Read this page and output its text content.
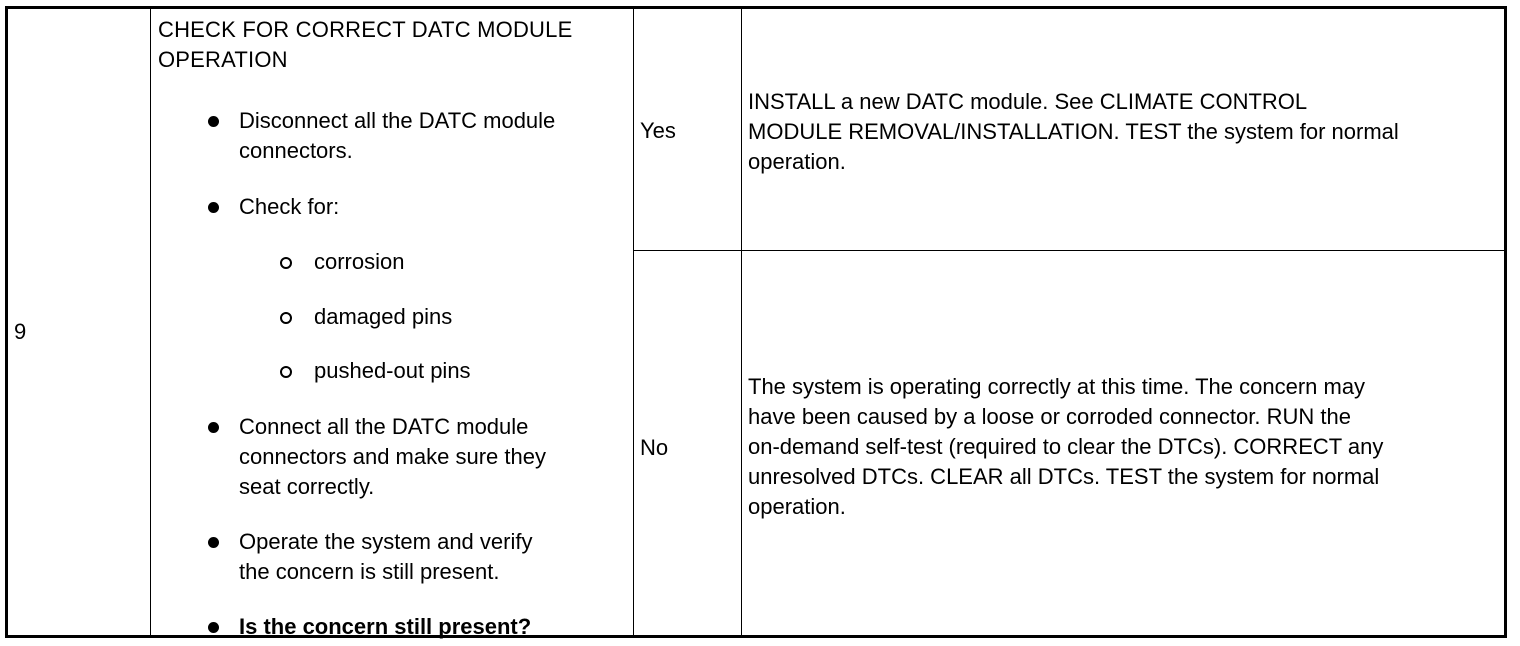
9

CHECK FOR CORRECT DATC MODULE
OPERATION

Disconnect all the DATC module
connectors.
Check for:
corrosion
damaged pins
pushed-out pins
Connect all the DATC module
connectors and make sure they
seat correctly.
Operate the system and verify
the concern is still present.
Is the concern still present?
Yes
INSTALL a new DATC module. See CLIMATE CONTROL
MODULE REMOVAL/INSTALLATION. TEST the system for normal
operation.
No
The system is operating correctly at this time. The concern may
have been caused by a loose or corroded connector. RUN the
on-demand self-test (required to clear the DTCs). CORRECT any
unresolved DTCs. CLEAR all DTCs. TEST the system for normal
operation.
